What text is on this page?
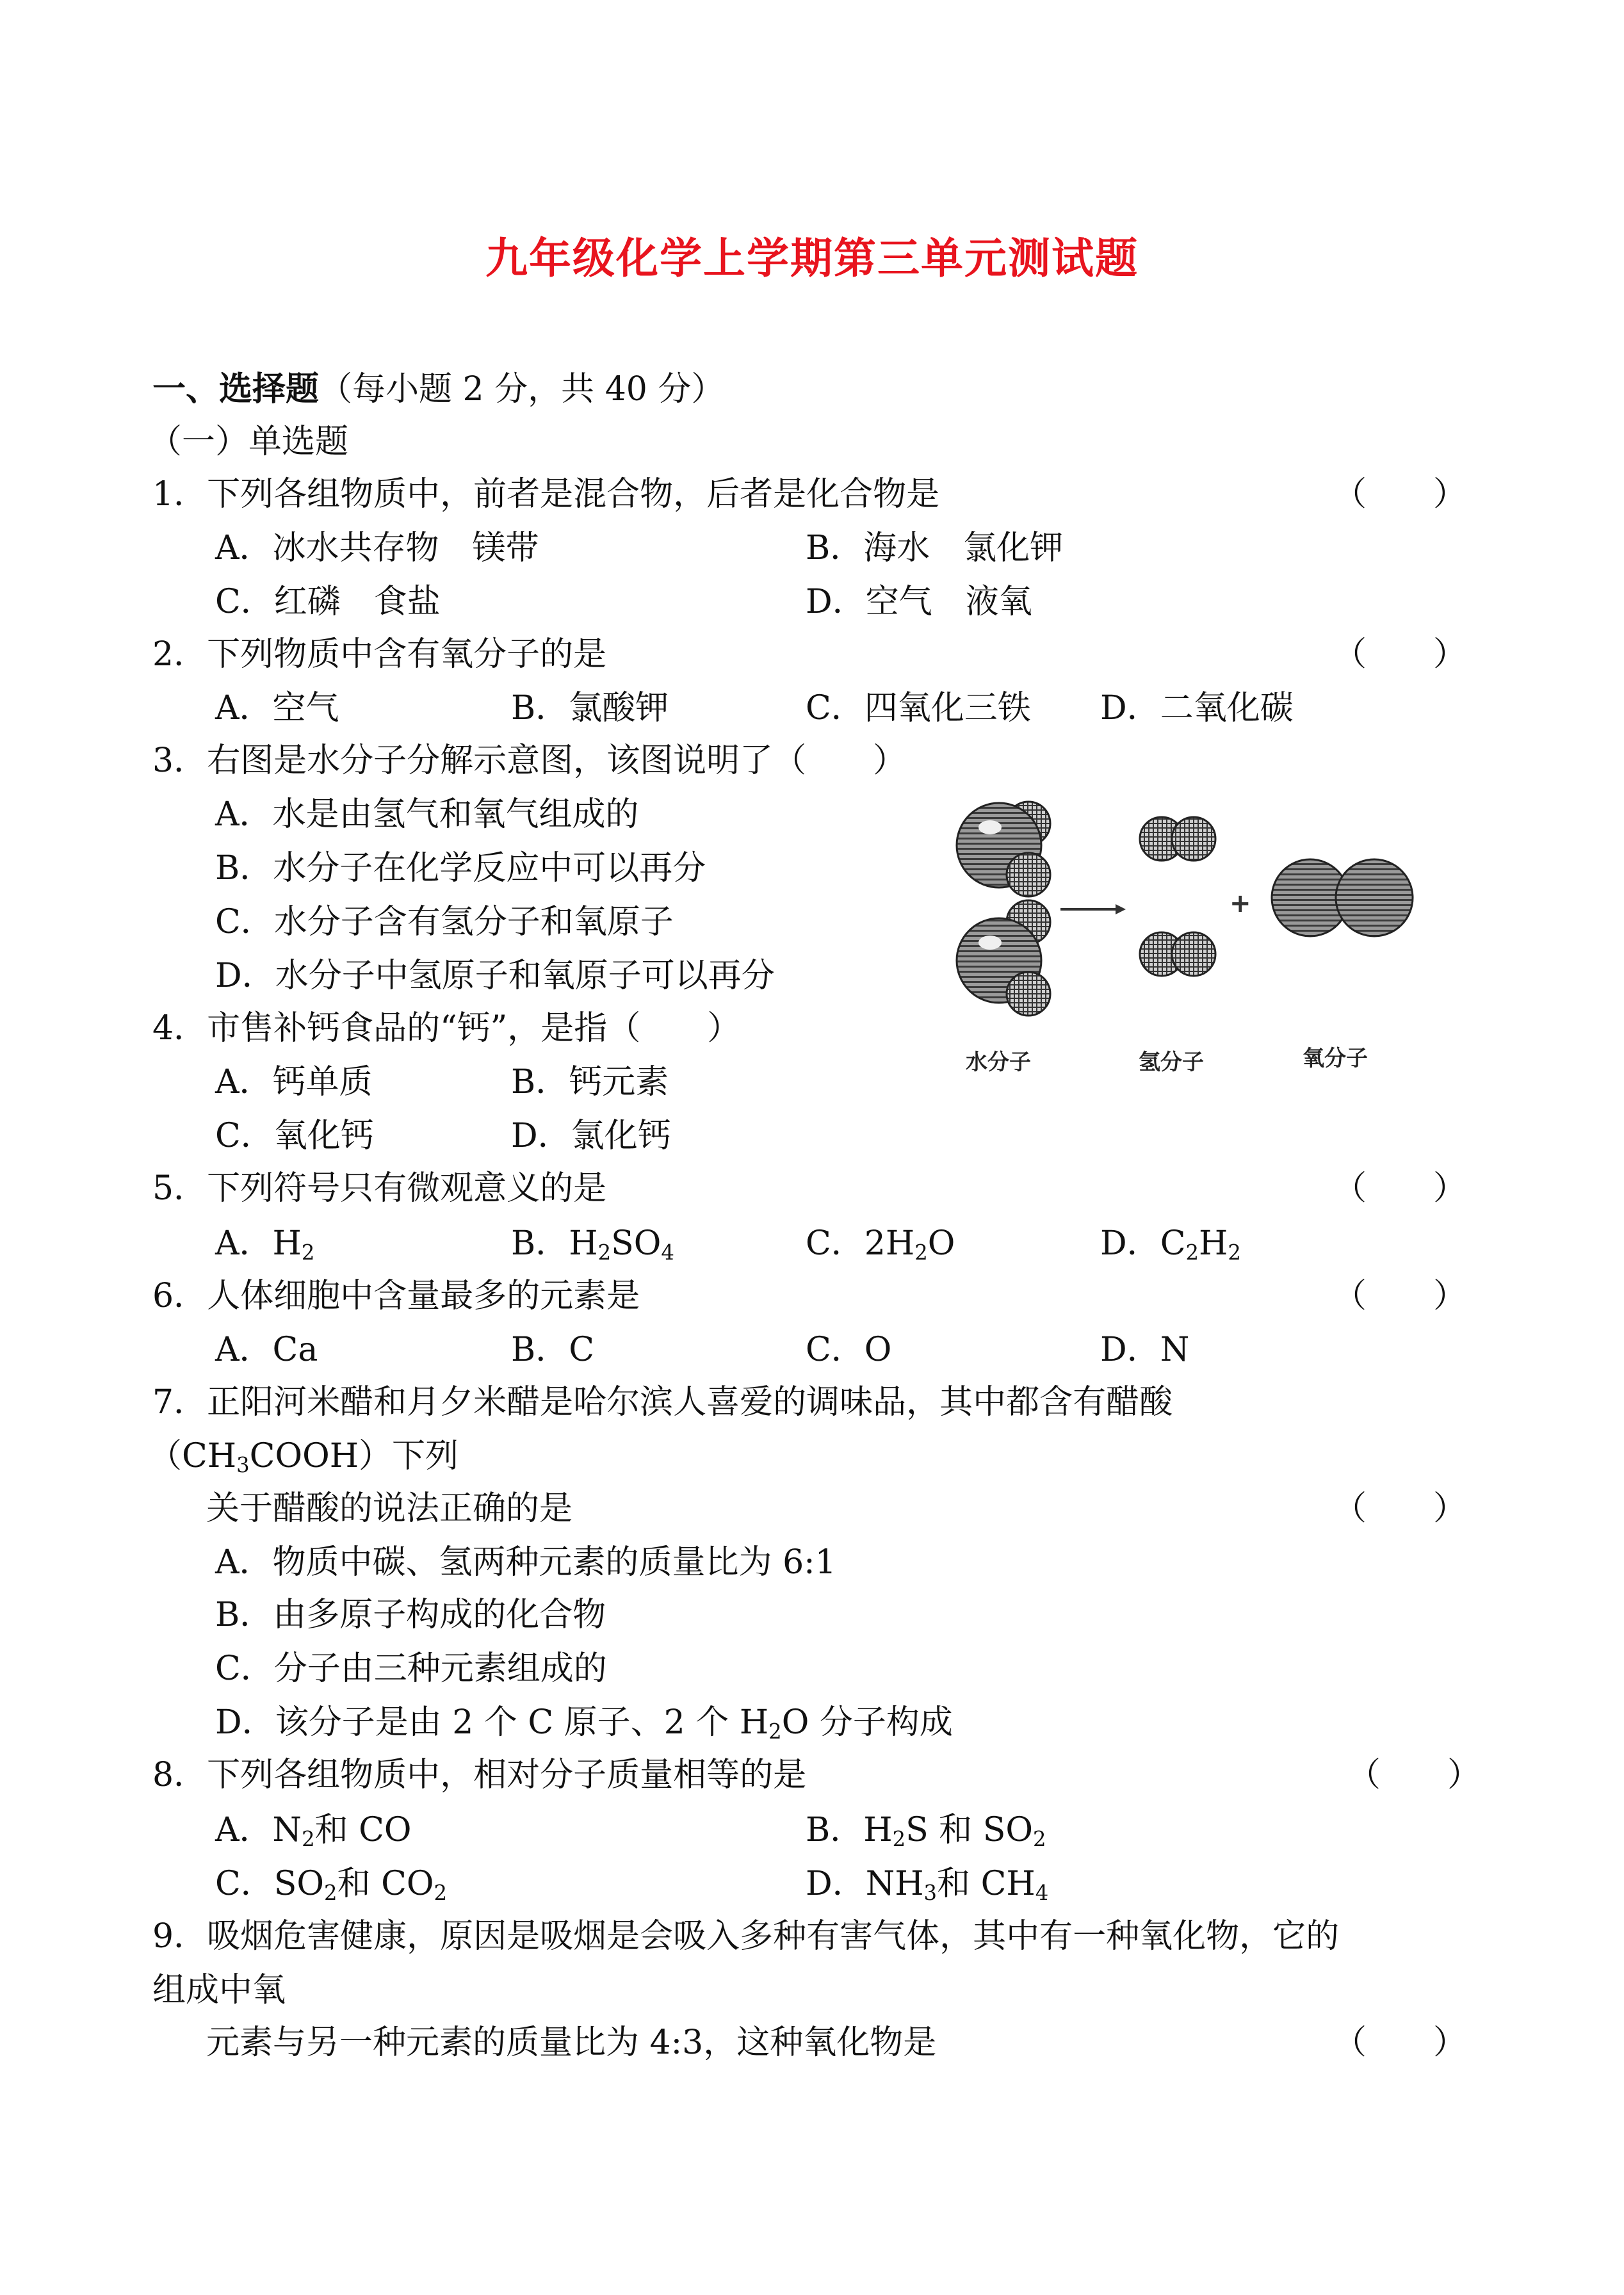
九年级化学上学期第三单元测试题
一、选择题（每小题 2 分，共 40 分）
（一）单选题
1．下列各组物质中，前者是混合物，后者是化合物是	（　　）
A．冰水共存物　镁带	B．海水　氯化钾
C．红磷　食盐	D．空气　液氧
2．下列物质中含有氧分子的是	（　　）
A．空气	B．氯酸钾	C．四氧化三铁 D．二氧化碳
3．右图是水分子分解示意图，该图说明了（　　）
A．水是由氢气和氧气组成的
B．水分子在化学反应中可以再分
C．水分子含有氢分子和氧原子
D．水分子中氢原子和氧原子可以再分
+
水分子	氢分子	氧分子
4．市售补钙食品的“钙”，是指（　　）
A．钙单质	B．钙元素
C．氧化钙	D．氯化钙
5．下列符号只有微观意义的是	（　　）
A．$H_2$	B．$H_2SO_4$	C．$2H_2O$	D．$C_2H_2$
6．人体细胞中含量最多的元素是	（　　）
A．Ca	B．C	C．O	D．N
7．正阳河米醋和月夕米醋是哈尔滨人喜爱的调味品，其中都含有醋酸
$(CH_3COOH)$下列
关于醋酸的说法正确的是	（　　）
A．物质中碳、氢两种元素的质量比为 6:1
B．由多原子构成的化合物
C．分子由三种元素组成的
D．该分子是由 2 个 C 原子、2 个 $H_2O$ 分子构成
8．下列各组物质中，相对分子质量相等的是	（　　）
A．$N_2$和 CO	B．$H_2S$ 和 $SO_2$
C．$SO_2$和 $CO_2$	D．$NH_3$和 $CH_4$
9．吸烟危害健康，原因是吸烟是会吸入多种有害气体，其中有一种氧化物，它的
组成中氧
元素与另一种元素的质量比为 4:3，这种氧化物是	（　　）
